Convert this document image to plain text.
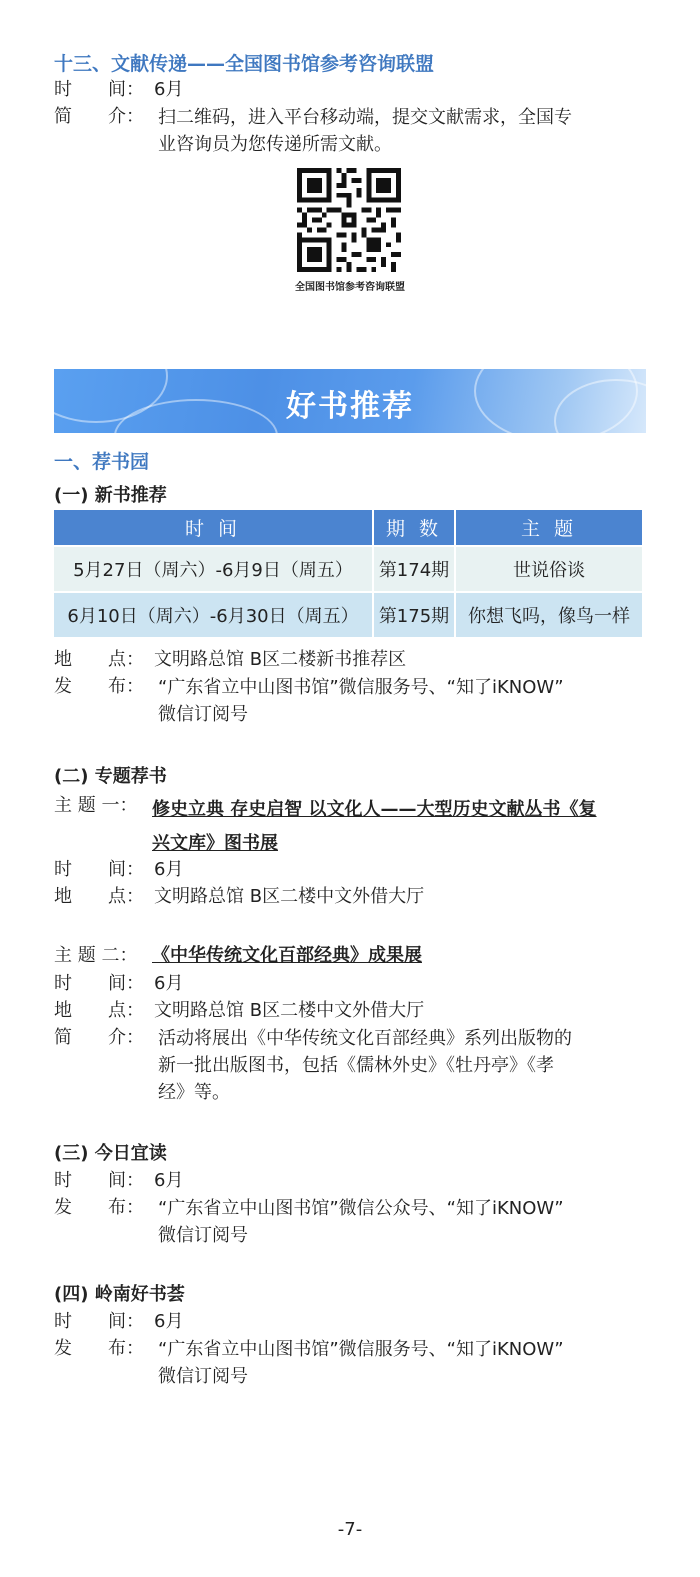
十三、文献传递——全国图书馆参考咨询联盟
时　　间： 6月
简　　介： 扫二维码，进入平台移动端，提交文献需求，全国专
业咨询员为您传递所需文献。
全国图书馆参考咨询联盟
好书推荐
一、荐书园
(一) 新书推荐
时 间	期 数	主 题
5月27日（周六）-6月9日（周五）	第174期	世说俗谈
6月10日（周六）-6月30日（周五）	第175期	你想飞吗，像鸟一样
地　　点： 文明路总馆 B区二楼新书推荐区
发　　布： “广东省立中山图书馆”微信服务号、“知了iKNOW”
微信订阅号
(二) 专题荐书
主 题 一： 修史立典 存史启智 以文化人——大型历史文献丛书《复
兴文库》图书展
时　　间： 6月
地　　点： 文明路总馆 B区二楼中文外借大厅
主 题 二： 《中华传统文化百部经典》成果展
时　　间： 6月
地　　点： 文明路总馆 B区二楼中文外借大厅
简　　介： 活动将展出《中华传统文化百部经典》系列出版物的
新一批出版图书，包括《儒林外史》《牡丹亭》《孝
经》等。
(三) 今日宜读
时　　间： 6月
发　　布： “广东省立中山图书馆”微信公众号、“知了iKNOW”
微信订阅号
(四) 岭南好书荟
时　　间： 6月
发　　布： “广东省立中山图书馆”微信服务号、“知了iKNOW”
微信订阅号
-7-
